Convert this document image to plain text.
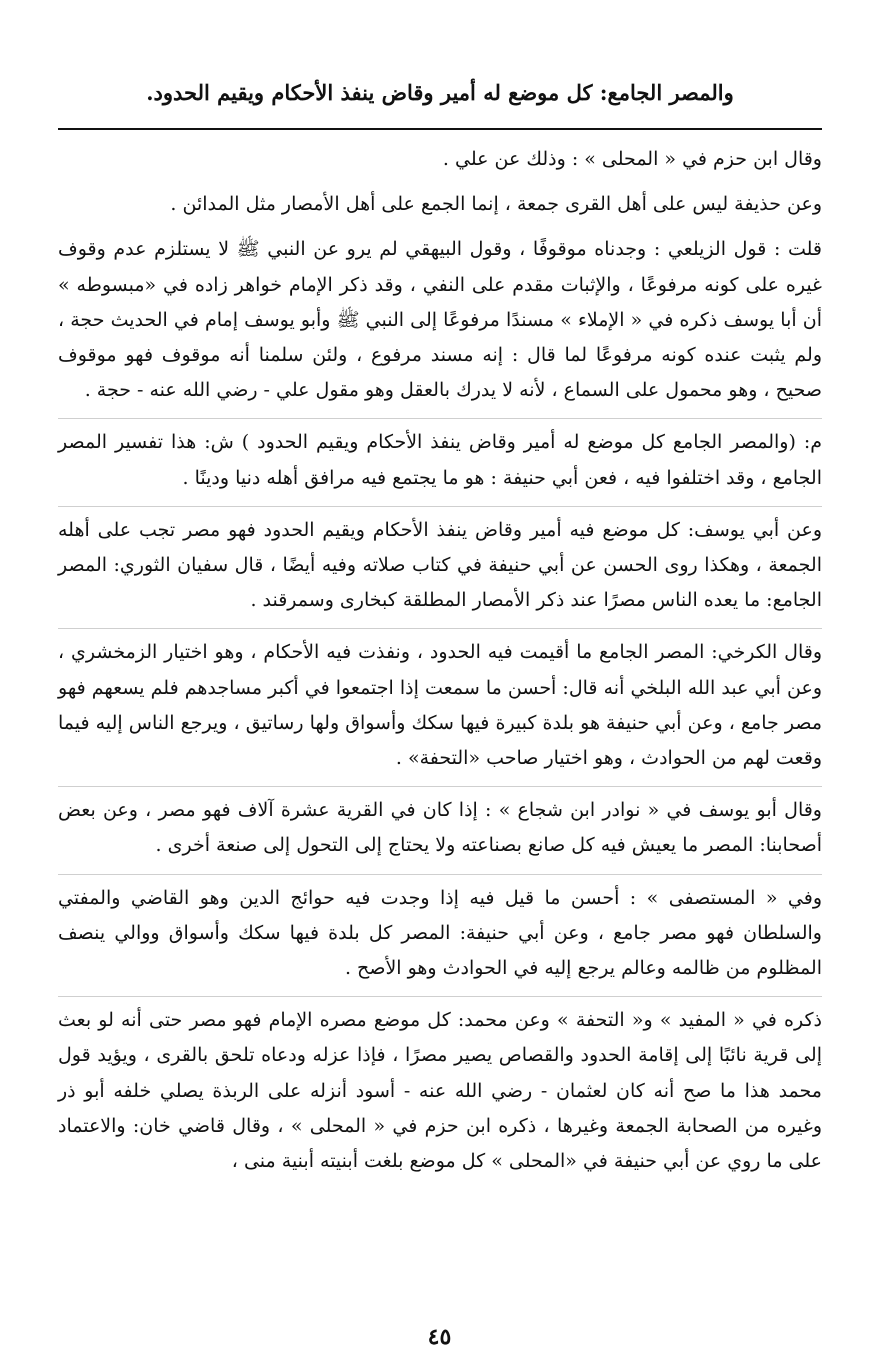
والمصر الجامع: كل موضع له أمير وقاض ينفذ الأحكام ويقيم الحدود.

وقال ابن حزم في « المحلى » : وذلك عن علي .

وعن حذيفة ليس على أهل القرى جمعة ، إنما الجمع على أهل الأمصار مثل المدائن .

قلت : قول الزيلعي : وجدناه موقوفًا ، وقول البيهقي لم يرو عن النبي ﷺ لا يستلزم عدم وقوف غيره على كونه مرفوعًا ، والإثبات مقدم على النفي ، وقد ذكر الإمام خواهر زاده في «مبسوطه » أن أبا يوسف ذكره في « الإملاء » مسندًا مرفوعًا إلى النبي ﷺ وأبو يوسف إمام في الحديث حجة ، ولم يثبت عنده كونه مرفوعًا لما قال : إنه مسند مرفوع ، ولئن سلمنا أنه موقوف فهو موقوف صحيح ، وهو محمول على السماع ، لأنه لا يدرك بالعقل وهو مقول علي - رضي الله عنه - حجة .

م: (والمصر الجامع كل موضع له أمير وقاض ينفذ الأحكام ويقيم الحدود ) ش: هذا تفسير المصر الجامع ، وقد اختلفوا فيه ، فعن أبي حنيفة : هو ما يجتمع فيه مرافق أهله دنيا ودينًا .

وعن أبي يوسف: كل موضع فيه أمير وقاض ينفذ الأحكام ويقيم الحدود فهو مصر تجب على أهله الجمعة ، وهكذا روى الحسن عن أبي حنيفة في كتاب صلاته وفيه أيضًا ، قال سفيان الثوري: المصر الجامع: ما يعده الناس مصرًا عند ذكر الأمصار المطلقة كبخارى وسمرقند .

وقال الكرخي: المصر الجامع ما أقيمت فيه الحدود ، ونفذت فيه الأحكام ، وهو اختيار الزمخشري ، وعن أبي عبد الله البلخي أنه قال: أحسن ما سمعت إذا اجتمعوا في أكبر مساجدهم فلم يسعهم فهو مصر جامع ، وعن أبي حنيفة هو بلدة كبيرة فيها سكك وأسواق ولها رساتيق ، ويرجع الناس إليه فيما وقعت لهم من الحوادث ، وهو اختيار صاحب «التحفة» .

وقال أبو يوسف في « نوادر ابن شجاع » : إذا كان في القرية عشرة آلاف فهو مصر ، وعن بعض أصحابنا: المصر ما يعيش فيه كل صانع بصناعته ولا يحتاج إلى التحول إلى صنعة أخرى .

وفي « المستصفى » : أحسن ما قيل فيه إذا وجدت فيه حوائج الدين وهو القاضي والمفتي والسلطان فهو مصر جامع ، وعن أبي حنيفة: المصر كل بلدة فيها سكك وأسواق ووالي ينصف المظلوم من ظالمه وعالم يرجع إليه في الحوادث وهو الأصح .

ذكره في « المفيد » و« التحفة » وعن محمد: كل موضع مصره الإمام فهو مصر حتى أنه لو بعث إلى قرية نائبًا إلى إقامة الحدود والقصاص يصير مصرًا ، فإذا عزله ودعاه تلحق بالقرى ، ويؤيد قول محمد هذا ما صح أنه كان لعثمان - رضي الله عنه - أسود أنزله على الربذة يصلي خلفه أبو ذر وغيره من الصحابة الجمعة وغيرها ، ذكره ابن حزم في « المحلى » ، وقال قاضي خان: والاعتماد على ما روي عن أبي حنيفة في «المحلى » كل موضع بلغت أبنيته أبنية منى ،

٤٥
